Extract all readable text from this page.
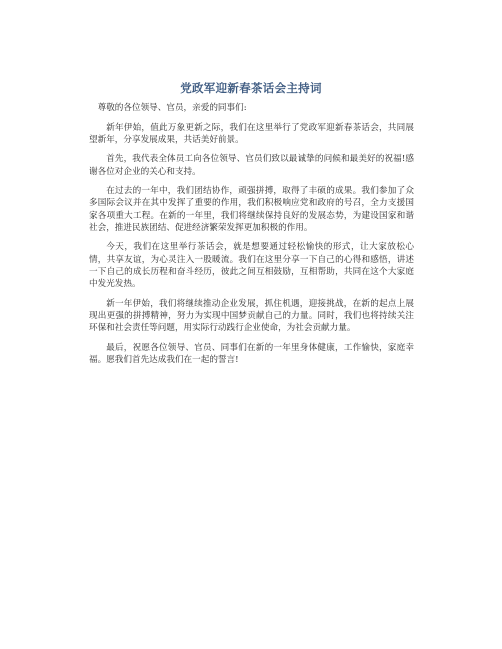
党政军迎新春茶话会主持词

尊敬的各位领导、官员，亲爱的同事们:

新年伊始，值此万象更新之际，我们在这里举行了党政军迎新春茶话会，共同展望新年，分享发展成果，共话美好前景。

首先，我代表全体员工向各位领导、官员们致以最诚挚的问候和最美好的祝福!感谢各位对企业的关心和支持。

在过去的一年中，我们团结协作，顽强拼搏，取得了丰硕的成果。我们参加了众多国际会议并在其中发挥了重要的作用，我们积极响应党和政府的号召，全力支援国家各项重大工程。在新的一年里，我们将继续保持良好的发展态势，为建设国家和谐社会，推进民族团结、促进经济繁荣发挥更加积极的作用。

今天，我们在这里举行茶话会，就是想要通过轻松愉快的形式，让大家放松心情，共享友谊，为心灵注入一股暖流。我们在这里分享一下自己的心得和感悟，讲述一下自己的成长历程和奋斗经历，彼此之间互相鼓励，互相帮助，共同在这个大家庭中发光发热。

新一年伊始，我们将继续推动企业发展，抓住机遇，迎接挑战，在新的起点上展现出更强的拼搏精神，努力为实现中国梦贡献自己的力量。同时，我们也将持续关注环保和社会责任等问题，用实际行动践行企业使命，为社会贡献力量。

最后，祝愿各位领导、官员、同事们在新的一年里身体健康，工作愉快，家庭幸福。愿我们首先达成我们在一起的誓言!
